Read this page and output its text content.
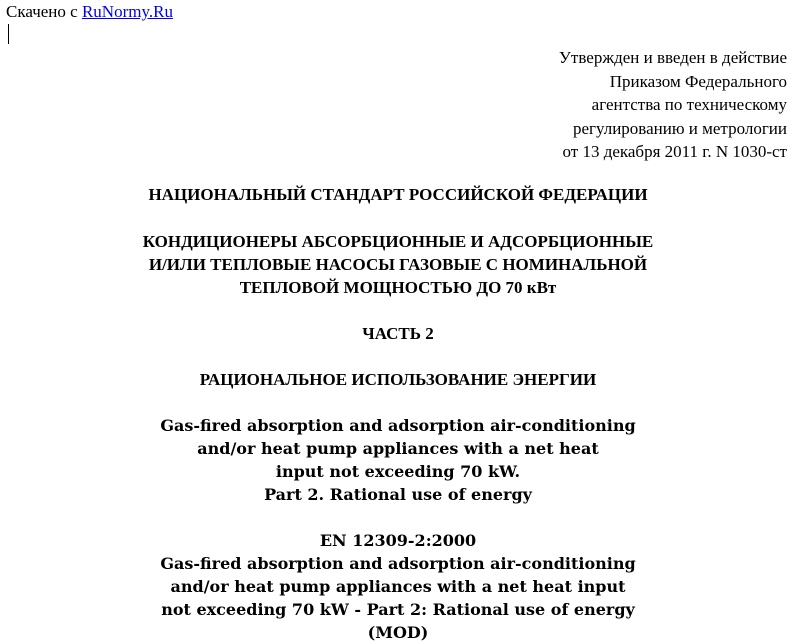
Скачено с RuNormy.Ru
Утвержден и введен в действие
Приказом Федерального
агентства по техническому
регулированию и метрологии
от 13 декабря 2011 г. N 1030-ст
НАЦИОНАЛЬНЫЙ СТАНДАРТ РОССИЙСКОЙ ФЕДЕРАЦИИ
КОНДИЦИОНЕРЫ АБСОРБЦИОННЫЕ И АДСОРБЦИОННЫЕ
И/ИЛИ ТЕПЛОВЫЕ НАСОСЫ ГАЗОВЫЕ С НОМИНАЛЬНОЙ
ТЕПЛОВОЙ МОЩНОСТЬЮ ДО 70 кВт
ЧАСТЬ 2
РАЦИОНАЛЬНОЕ ИСПОЛЬЗОВАНИЕ ЭНЕРГИИ
Gas-fired absorption and adsorption air-conditioning
and/or heat pump appliances with a net heat
input not exceeding 70 kW.
Part 2. Rational use of energy
EN 12309-2:2000
Gas-fired absorption and adsorption air-conditioning
and/or heat pump appliances with a net heat input
not exceeding 70 kW - Part 2: Rational use of energy
(MOD)
